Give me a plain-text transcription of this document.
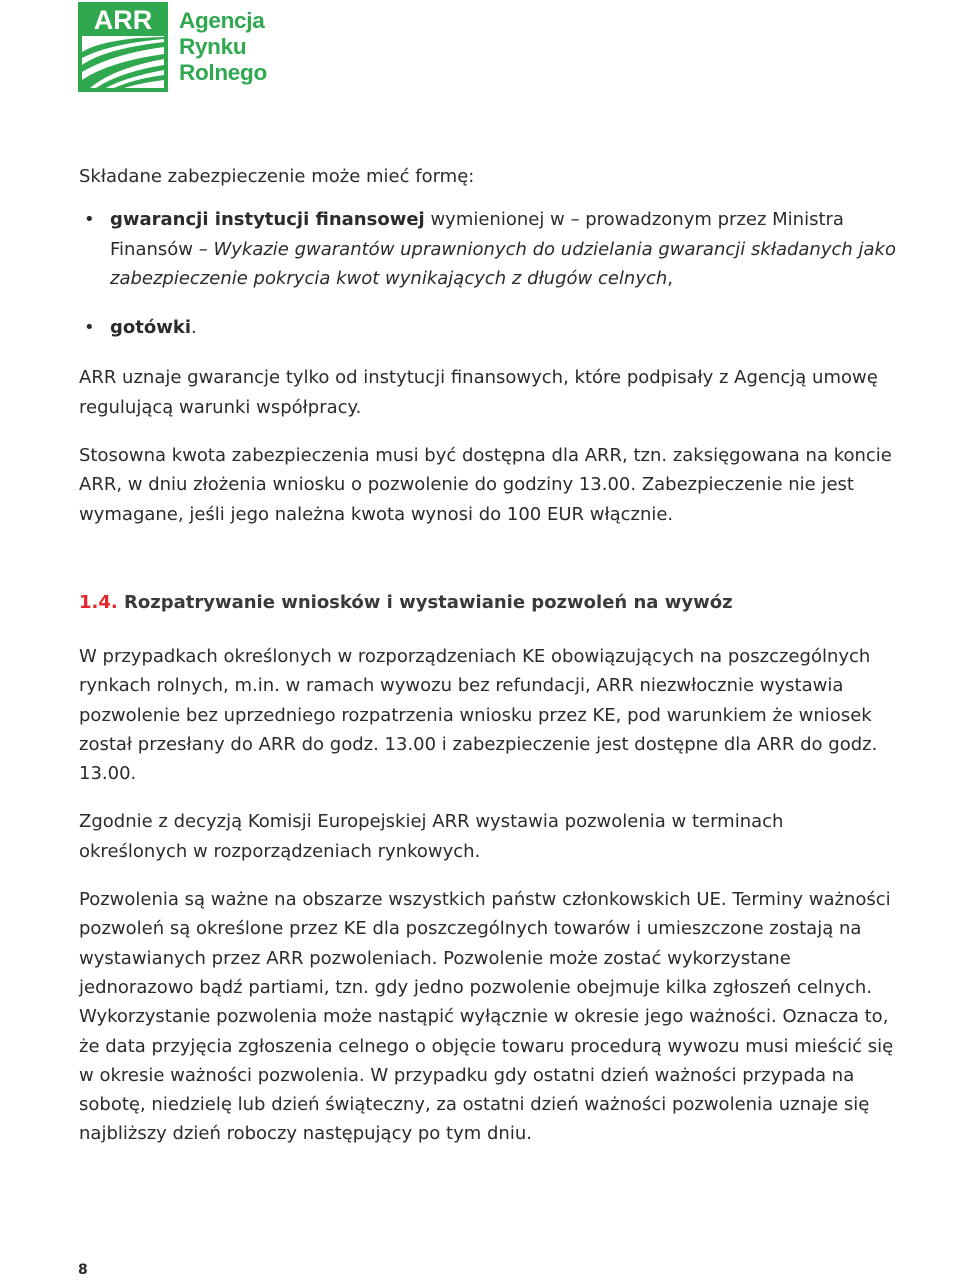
ARR Agencja
Rynku
Rolnego

Składane zabezpieczenie może mieć formę:

• gwarancji instytucji finansowej wymienionej w – prowadzonym przez Ministra Finansów – Wykazie gwarantów uprawnionych do udzielania gwarancji składanych jako zabezpieczenie pokrycia kwot wynikających z długów celnych,
• gotówki.

ARR uznaje gwarancje tylko od instytucji finansowych, które podpisały z Agencją umowę regulującą warunki współpracy.

Stosowna kwota zabezpieczenia musi być dostępna dla ARR, tzn. zaksięgowana na koncie ARR, w dniu złożenia wniosku o pozwolenie do godziny 13.00. Zabezpieczenie nie jest wymagane, jeśli jego należna kwota wynosi do 100 EUR włącznie.

1.4. Rozpatrywanie wniosków i wystawianie pozwoleń na wywóz

W przypadkach określonych w rozporządzeniach KE obowiązujących na poszczególnych rynkach rolnych, m.in. w ramach wywozu bez refundacji, ARR niezwłocznie wystawia pozwolenie bez uprzedniego rozpatrzenia wniosku przez KE, pod warunkiem że wniosek został przesłany do ARR do godz. 13.00 i zabezpieczenie jest dostępne dla ARR do godz. 13.00.

Zgodnie z decyzją Komisji Europejskiej ARR wystawia pozwolenia w terminach określonych w rozporządzeniach rynkowych.

Pozwolenia są ważne na obszarze wszystkich państw członkowskich UE. Terminy ważności pozwoleń są określone przez KE dla poszczególnych towarów i umieszczone zostają na wystawianych przez ARR pozwoleniach. Pozwolenie może zostać wykorzystane jednorazowo bądź partiami, tzn. gdy jedno pozwolenie obejmuje kilka zgłoszeń celnych. Wykorzystanie pozwolenia może nastąpić wyłącznie w okresie jego ważności. Oznacza to, że data przyjęcia zgłoszenia celnego o objęcie towaru procedurą wywozu musi mieścić się w okresie ważności pozwolenia. W przypadku gdy ostatni dzień ważności przypada na sobotę, niedzielę lub dzień świąteczny, za ostatni dzień ważności pozwolenia uznaje się najbliższy dzień roboczy następujący po tym dniu.

8
